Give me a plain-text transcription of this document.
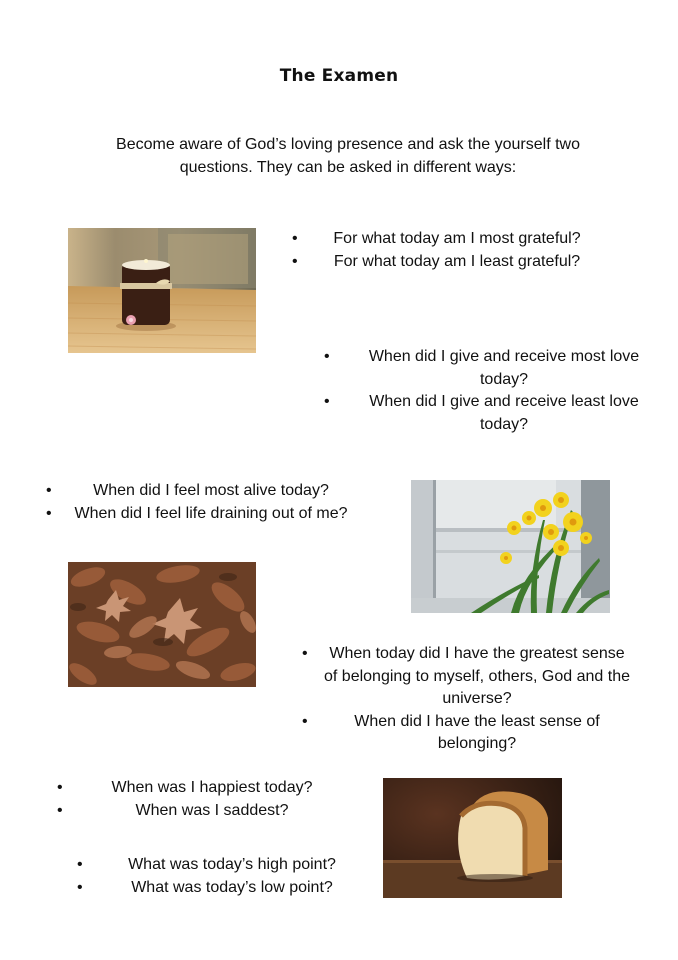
The Examen
Become aware of God’s loving presence and ask the yourself two questions. They can be asked in different ways:
• For what today am I most grateful?
• For what today am I least grateful?
• When did I give and receive most love today?
• When did I give and receive least love today?
• When did I feel most alive today?
• When did I feel life draining out of me?
• When today did I have the greatest sense of belonging to myself, others, God and the universe?
• When did I have the least sense of belonging?
• When was I happiest today?
• When was I saddest?
• What was today’s high point?
• What was today’s low point?
